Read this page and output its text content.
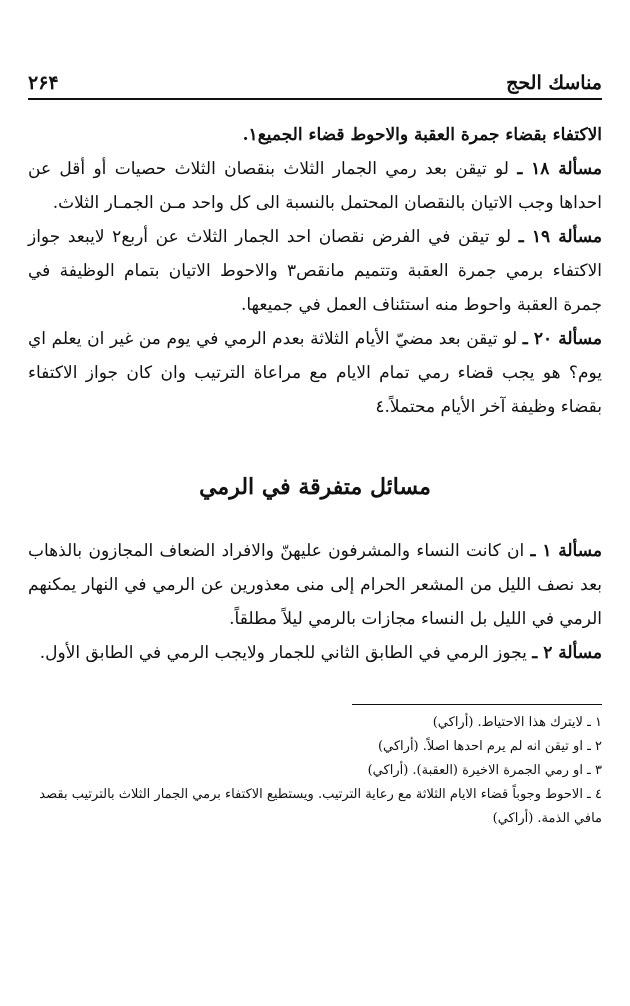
مناسك الحج
۲۶۴

الاكتفاء بقضاء جمرة العقبة والاحوط قضاء الجميع١.

مسألة ١٨ ـ لو تيقن بعد رمي الجمار الثلاث بنقصان الثلاث حصيات أو أقل عن احداها وجب الاتيان بالنقصان المحتمل بالنسبة الى كل واحد مـن الجمـار الثلاث.

مسألة ١٩ ـ لو تيقن في الفرض نقصان احد الجمار الثلاث عن أربع٢ لايبعد جواز الاكتفاء برمي جمرة العقبة وتتميم مانقص٣ والاحوط الاتيان بتمام الوظيفة في جمرة العقبة واحوط منه استئناف العمل في جميعها.

مسألة ٢٠ ـ لو تيقن بعد مضيّ الأيام الثلاثة بعدم الرمي في يوم من غير ان يعلم اي يوم؟ هو يجب قضاء رمي تمام الايام مع مراعاة الترتيب وان كان جواز الاكتفاء بقضاء وظيفة آخر الأيام محتملاً.٤

مسائل متفرقة في الرمي

مسألة ١ ـ ان كانت النساء والمشرفون عليهنّ والافراد الضعاف المجازون بالذهاب بعد نصف الليل من المشعر الحرام إلى منى معذورين عن الرمي في النهار يمكنهم الرمي في الليل بل النساء مجازات بالرمي ليلاً مطلقاً.

مسألة ٢ ـ يجوز الرمي في الطابق الثاني للجمار ولايجب الرمي في الطابق الأول.

١ ـ لايترك هذا الاحتياط. (أراكي)

٢ ـ او تيقن انه لم يرم احدها اصلاً. (أراكي)

٣ ـ او رمي الجمرة الاخيرة (العقبة). (أراكي)

٤ ـ الاحوط وجوباً قضاء الايام الثلاثة مع رعاية الترتيب. ويستطيع الاكتفاء برمي الجمار الثلاث بالترتيب بقصد مافي الذمة. (أراكي)
